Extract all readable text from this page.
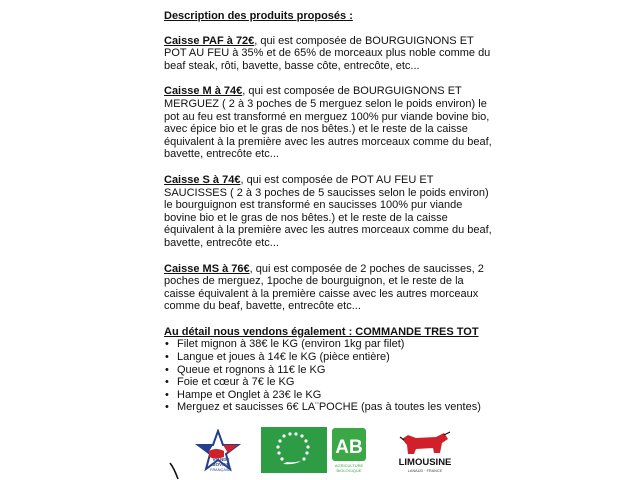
Description des produits proposés :

Caisse PAF à 72€, qui est composée de BOURGUIGNONS ET POT AU FEU à 35% et de 65% de morceaux plus noble comme du beaf steak, rôti, bavette, basse côte, entrecôte, etc...

Caisse M à 74€, qui est composée de BOURGUIGNONS ET MERGUEZ ( 2 à 3 poches de 5 merguez selon le poids environ) le pot au feu est transformé en merguez 100% pur viande bovine bio, avec épice bio et le gras de nos bêtes.) et le reste de la caisse équivalent à la première avec les autres morceaux comme du beaf, bavette, entrecôte etc...

Caisse S à 74€, qui est composée de POT AU FEU ET SAUCISSES ( 2 à 3 poches de 5 saucisses selon le poids environ) le bourguignon est transformé en saucisses 100% pur viande bovine bio et le gras de nos bêtes.) et le reste de la caisse équivalent à la première avec les autres morceaux comme du beaf, bavette, entrecôte etc...

Caisse MS à 76€, qui est composée de 2 poches de saucisses, 2 poches de merguez, 1poche de bourguignon, et le reste de la caisse équivalent à la première caisse avec les autres morceaux comme du beaf, bavette, entrecôte etc...

Au détail nous vendons également : COMMANDE TRES TOT

• Filet mignon à 38€ le KG (environ 1kg par filet)
• Langue et joues à 14€ le KG (pièce entière)
• Queue et rognons à 11€ le KG
• Foie et cœur à 7€ le KG
• Hampe et Onglet à 23€ le KG
• Merguez et saucisses 6€ LA¨POCHE (pas à toutes les ventes)
VIANDE
BOVINE
FRANÇAISE
AB
AGRICULTURE
BIOLOGIQUE
LIMOUSINE
LANAUD · FRANCE
